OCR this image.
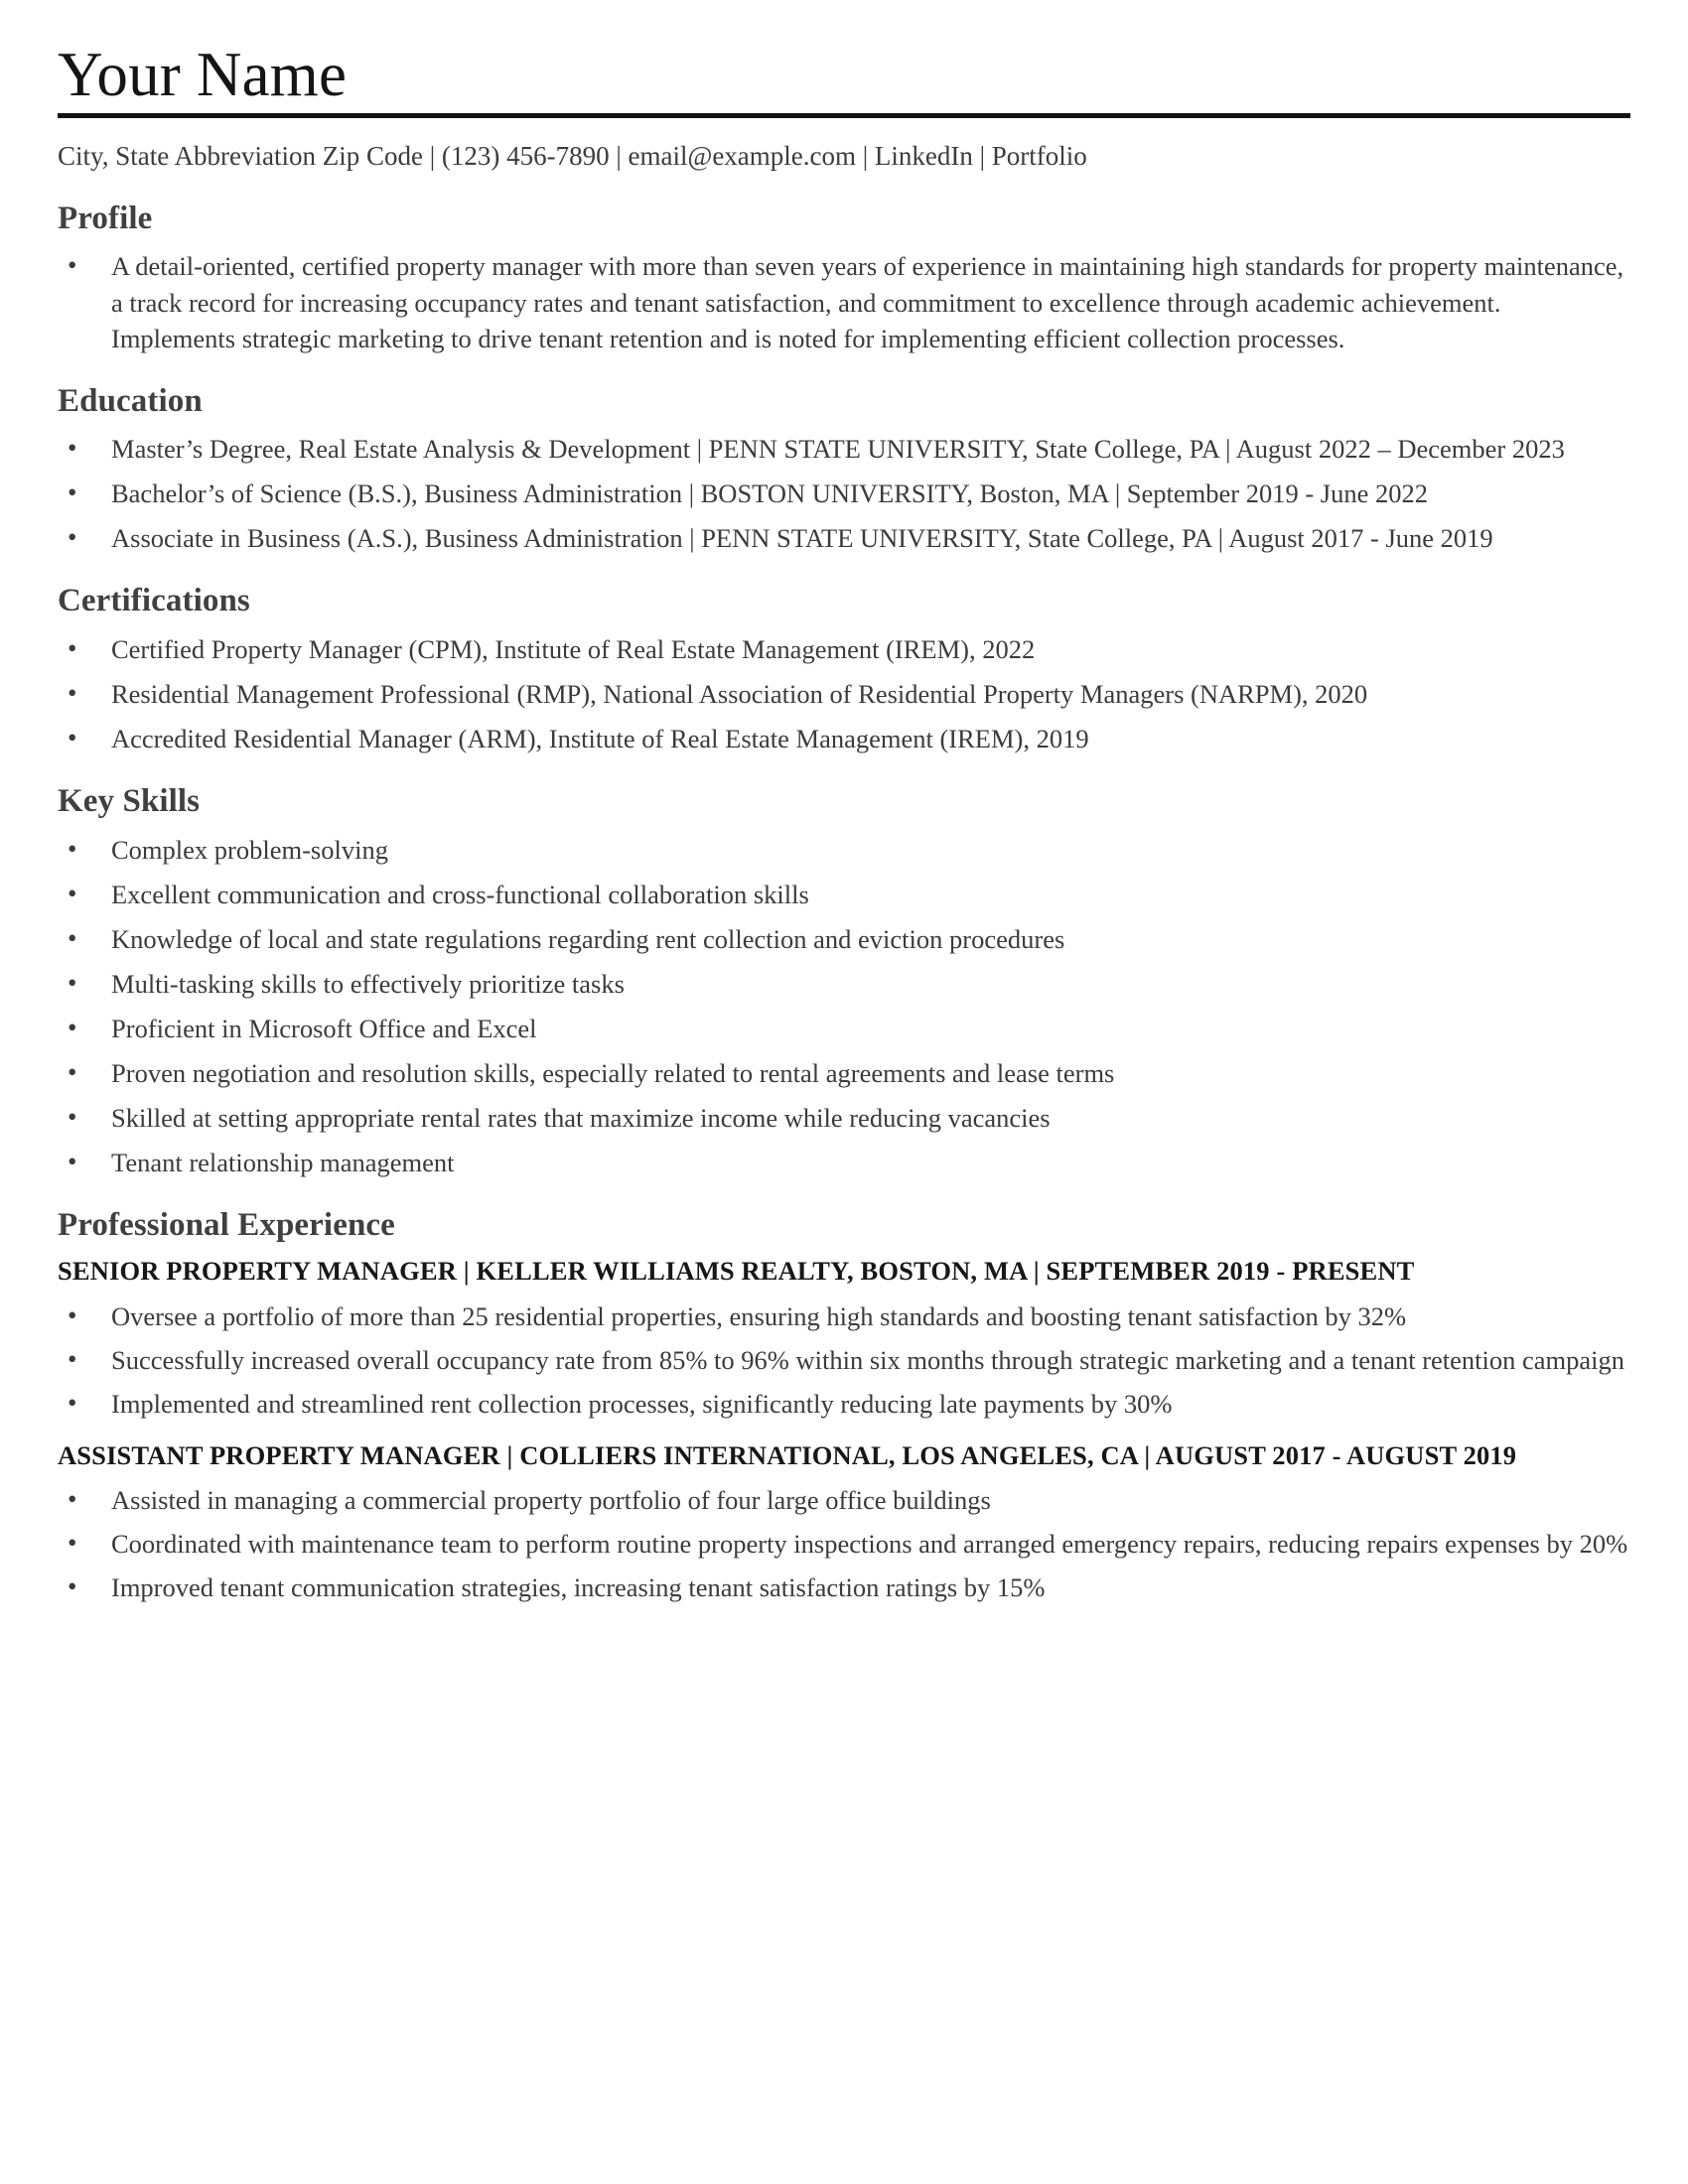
Your Name
City, State Abbreviation Zip Code | (123) 456-7890 | email@example.com | LinkedIn | Portfolio
Profile
• A detail-oriented, certified property manager with more than seven years of experience in maintaining high standards for property maintenance, a track record for increasing occupancy rates and tenant satisfaction, and commitment to excellence through academic achievement. Implements strategic marketing to drive tenant retention and is noted for implementing efficient collection processes.
Education
• Master’s Degree, Real Estate Analysis & Development | PENN STATE UNIVERSITY, State College, PA | August 2022 – December 2023
• Bachelor’s of Science (B.S.), Business Administration | BOSTON UNIVERSITY, Boston, MA | September 2019 - June 2022
• Associate in Business (A.S.), Business Administration | PENN STATE UNIVERSITY, State College, PA | August 2017 - June 2019
Certifications
• Certified Property Manager (CPM), Institute of Real Estate Management (IREM), 2022
• Residential Management Professional (RMP), National Association of Residential Property Managers (NARPM), 2020
• Accredited Residential Manager (ARM), Institute of Real Estate Management (IREM), 2019
Key Skills
• Complex problem-solving
• Excellent communication and cross-functional collaboration skills
• Knowledge of local and state regulations regarding rent collection and eviction procedures
• Multi-tasking skills to effectively prioritize tasks
• Proficient in Microsoft Office and Excel
• Proven negotiation and resolution skills, especially related to rental agreements and lease terms
• Skilled at setting appropriate rental rates that maximize income while reducing vacancies
• Tenant relationship management
Professional Experience
SENIOR PROPERTY MANAGER | KELLER WILLIAMS REALTY, BOSTON, MA | SEPTEMBER 2019 - PRESENT
• Oversee a portfolio of more than 25 residential properties, ensuring high standards and boosting tenant satisfaction by 32%
• Successfully increased overall occupancy rate from 85% to 96% within six months through strategic marketing and a tenant retention campaign
• Implemented and streamlined rent collection processes, significantly reducing late payments by 30%
ASSISTANT PROPERTY MANAGER | COLLIERS INTERNATIONAL, LOS ANGELES, CA | AUGUST 2017 - AUGUST 2019
• Assisted in managing a commercial property portfolio of four large office buildings
• Coordinated with maintenance team to perform routine property inspections and arranged emergency repairs, reducing repairs expenses by 20%
• Improved tenant communication strategies, increasing tenant satisfaction ratings by 15%
